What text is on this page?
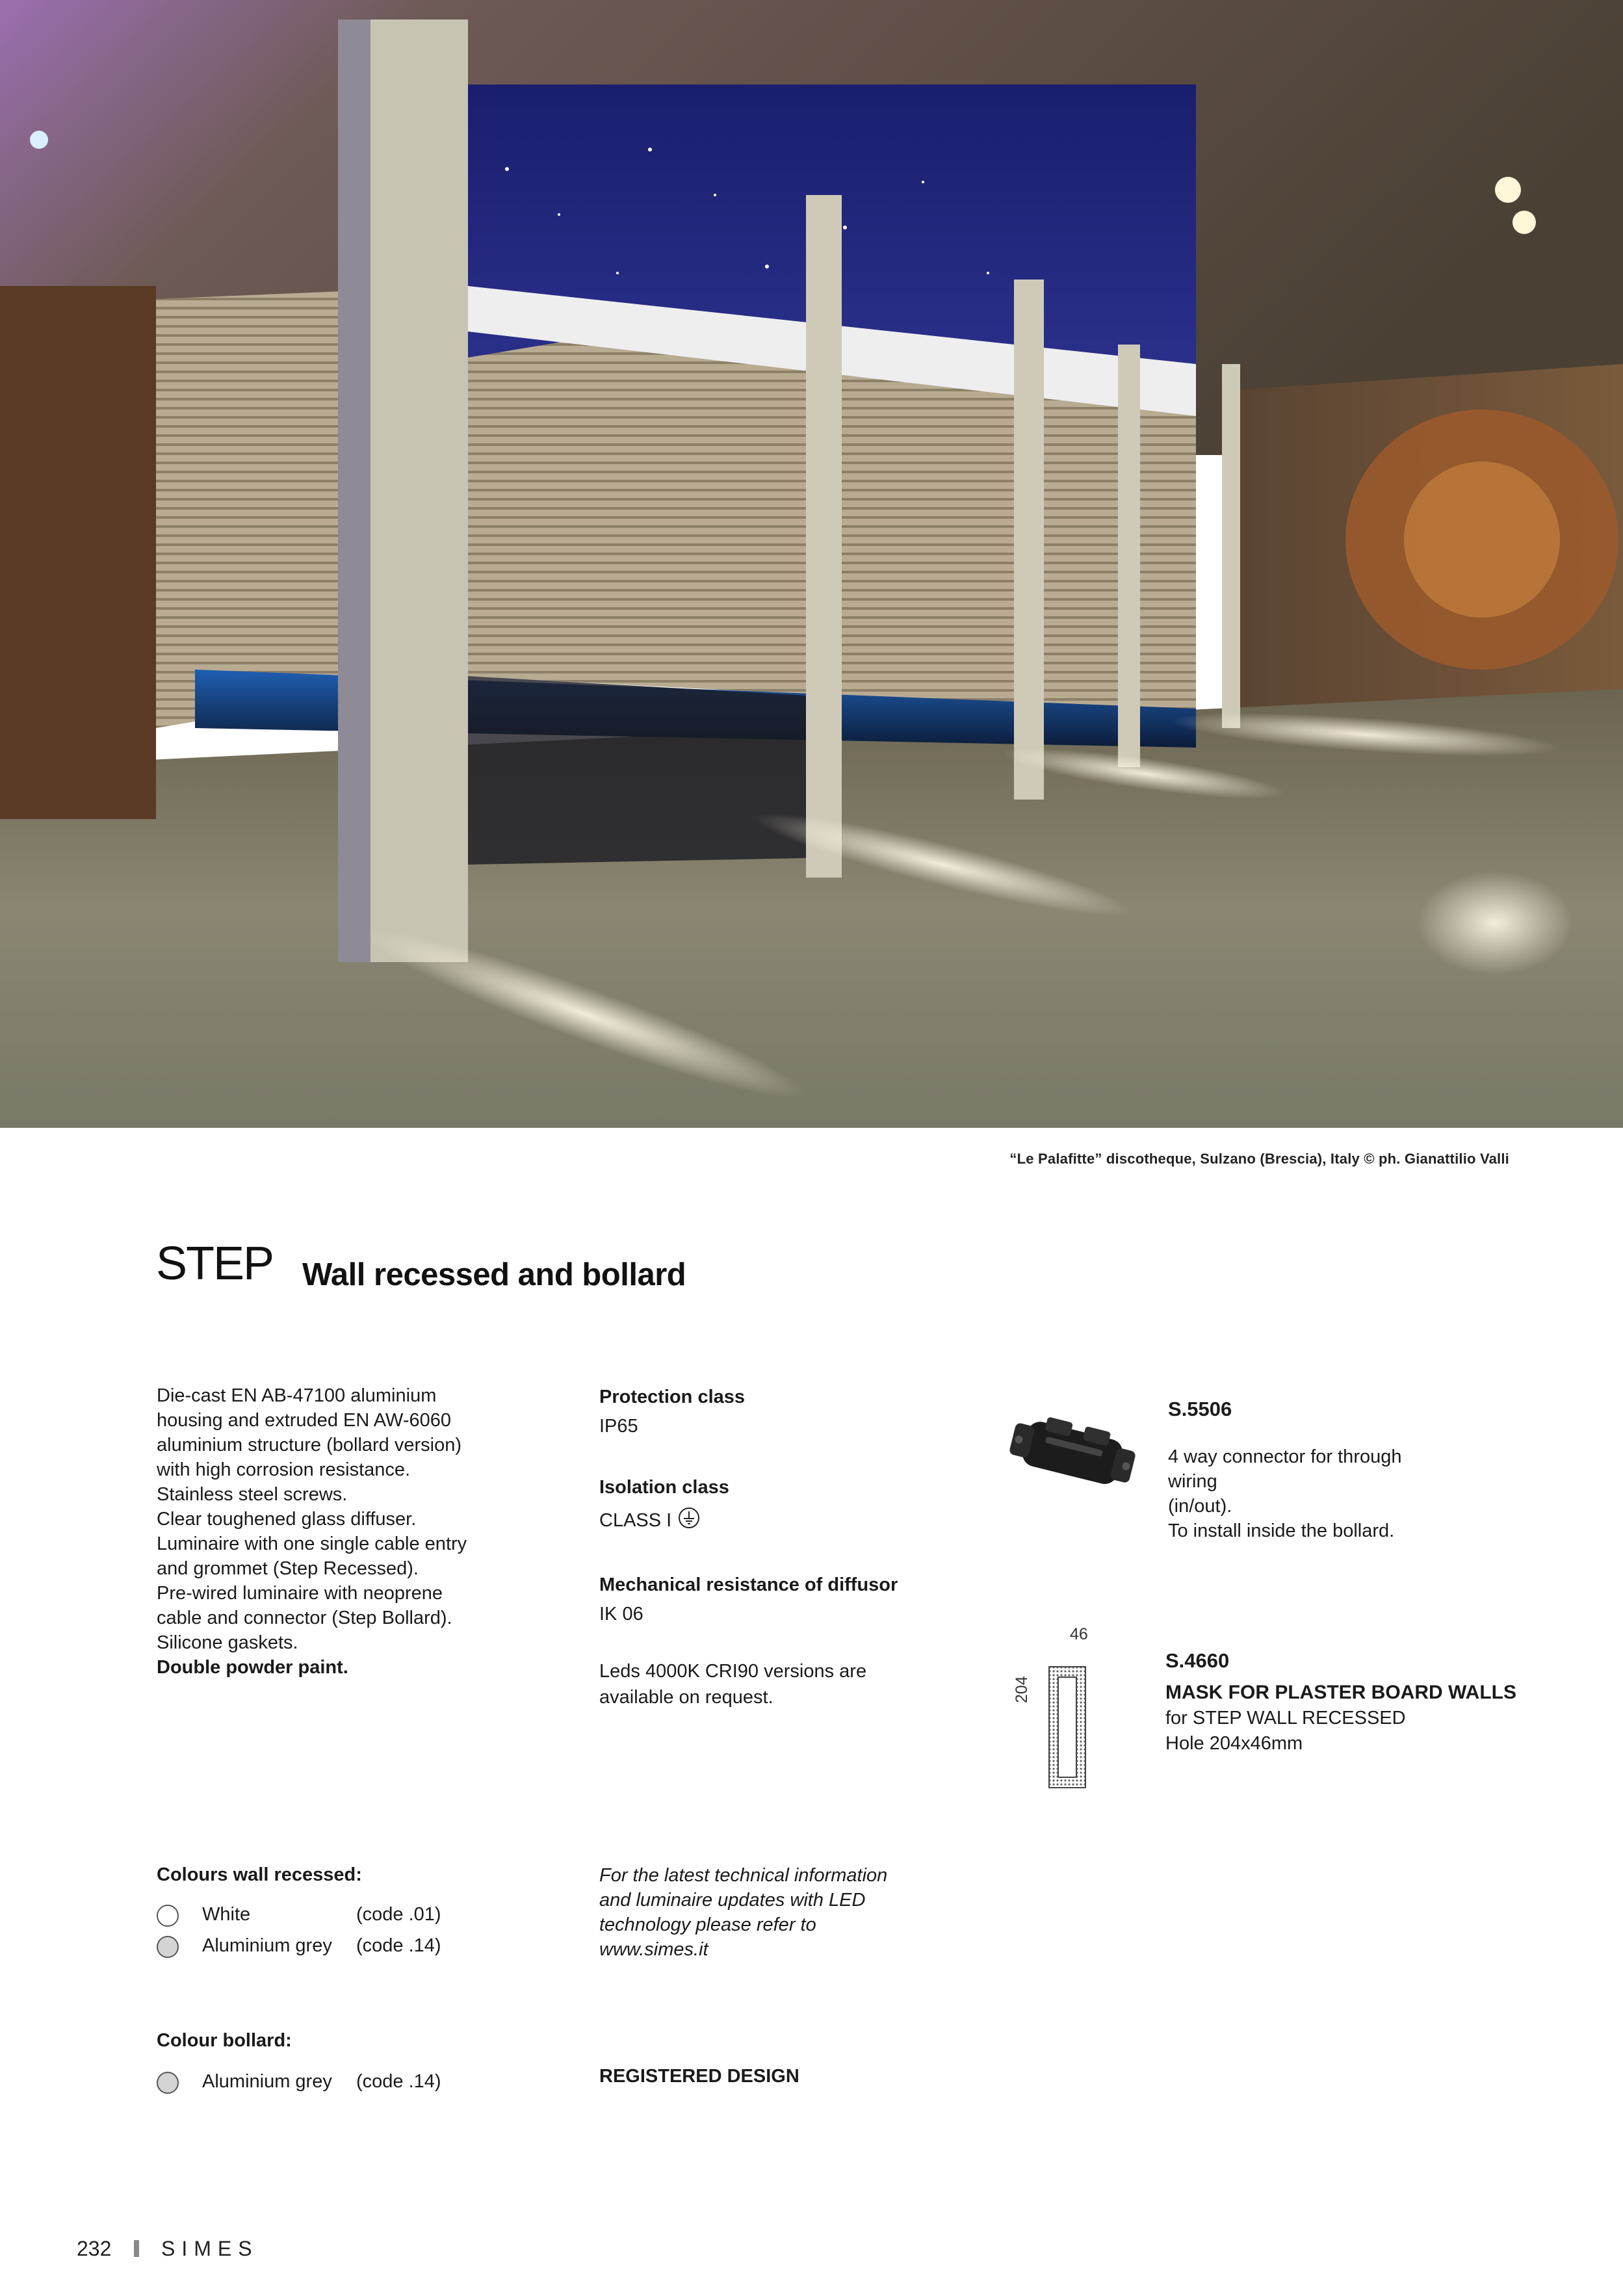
“Le Palafitte” discotheque, Sulzano (Brescia), Italy © ph. Gianattilio Valli
STEP Wall recessed and bollard
Die-cast EN AB-47100 aluminium
housing and extruded EN AW-6060
aluminium structure (bollard version)
with high corrosion resistance.
Stainless steel screws.
Clear toughened glass diffuser.
Luminaire with one single cable entry
and grommet (Step Recessed).
Pre-wired luminaire with neoprene
cable and connector (Step Bollard).
Silicone gaskets.
Double powder paint.
Protection class
IP65
Isolation class
CLASS I
Mechanical resistance of diffusor
IK 06
Leds 4000K CRI90 versions are
available on request.
S.5506
4 way connector for through
wiring
(in/out).
To install inside the bollard.
46
204
S.4660
MASK FOR PLASTER BOARD WALLS
for STEP WALL RECESSED
Hole 204x46mm
Colours wall recessed:
White	(code .01)
Aluminium grey (code .14)
Colour bollard:
Aluminium grey (code .14)
For the latest technical information
and luminaire updates with LED
technology please refer to
www.simes.it
REGISTERED DESIGN
232 SIMES
